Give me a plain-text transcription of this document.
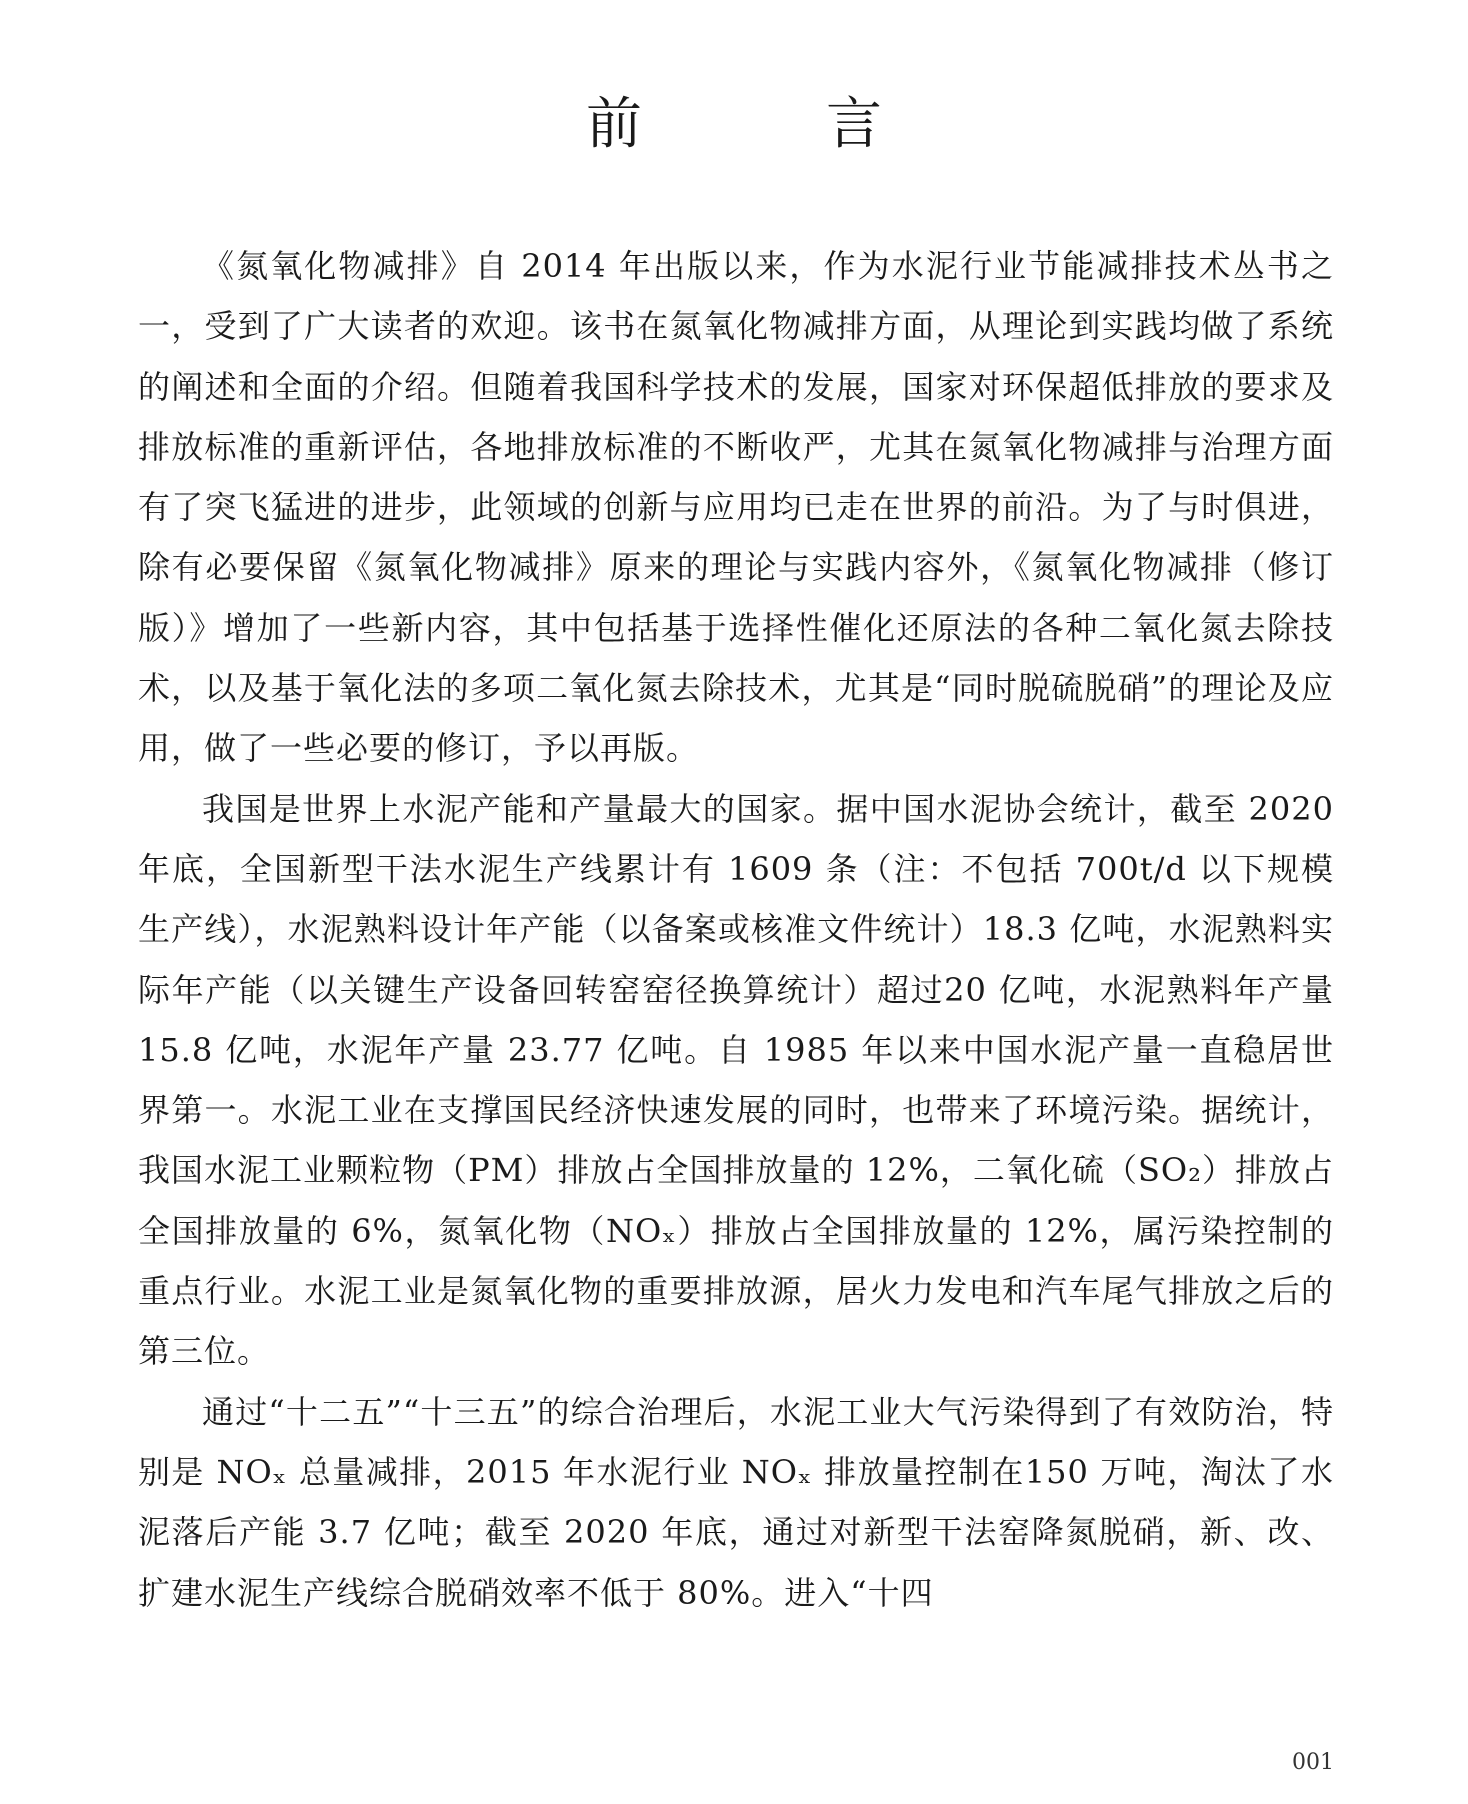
前　言

《氮氧化物减排》自 2014 年出版以来，作为水泥行业节能减排技术丛书之一，受到了广大读者的欢迎。该书在氮氧化物减排方面，从理论到实践均做了系统的阐述和全面的介绍。但随着我国科学技术的发展，国家对环保超低排放的要求及排放标准的重新评估，各地排放标准的不断收严，尤其在氮氧化物减排与治理方面有了突飞猛进的进步，此领域的创新与应用均已走在世界的前沿。为了与时俱进，除有必要保留《氮氧化物减排》原来的理论与实践内容外，《氮氧化物减排（修订版）》增加了一些新内容，其中包括基于选择性催化还原法的各种二氧化氮去除技术，以及基于氧化法的多项二氧化氮去除技术，尤其是“同时脱硫脱硝”的理论及应用，做了一些必要的修订，予以再版。

我国是世界上水泥产能和产量最大的国家。据中国水泥协会统计，截至 2020 年底，全国新型干法水泥生产线累计有 1609 条（注：不包括 700t/d 以下规模生产线），水泥熟料设计年产能（以备案或核准文件统计）18.3 亿吨，水泥熟料实际年产能（以关键生产设备回转窑窑径换算统计）超过20 亿吨，水泥熟料年产量 15.8 亿吨，水泥年产量 23.77 亿吨。自 1985 年以来中国水泥产量一直稳居世界第一。水泥工业在支撑国民经济快速发展的同时，也带来了环境污染。据统计，我国水泥工业颗粒物（PM）排放占全国排放量的 12%，二氧化硫（SO₂）排放占全国排放量的 6%，氮氧化物（NOₓ）排放占全国排放量的 12%，属污染控制的重点行业。水泥工业是氮氧化物的重要排放源，居火力发电和汽车尾气排放之后的第三位。

通过“十二五”“十三五”的综合治理后，水泥工业大气污染得到了有效防治，特别是 NOₓ 总量减排，2015 年水泥行业 NOₓ 排放量控制在150 万吨，淘汰了水泥落后产能 3.7 亿吨；截至 2020 年底，通过对新型干法窑降氮脱硝，新、改、扩建水泥生产线综合脱硝效率不低于 80%。进入“十四

001
